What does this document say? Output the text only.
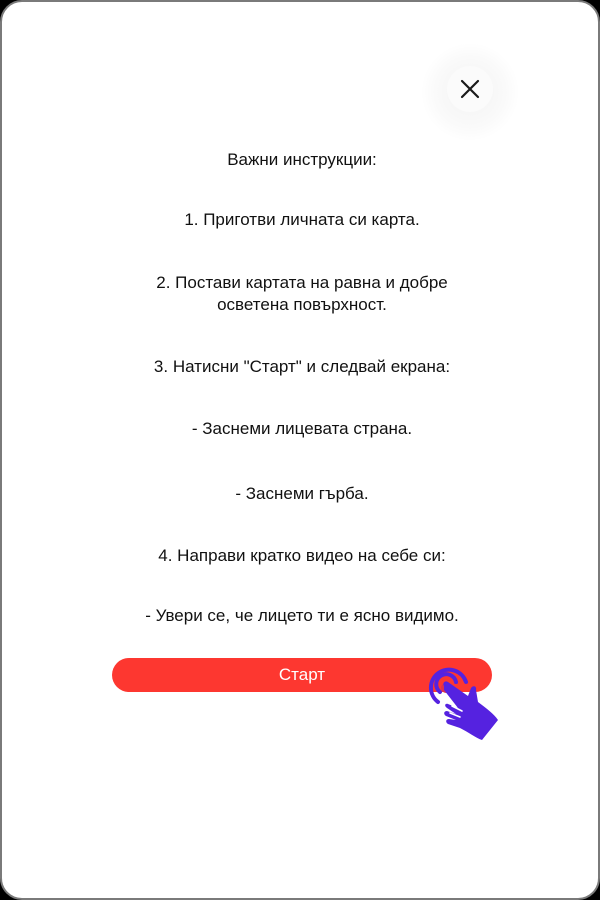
Важни инструкции:
1. Приготви личната си карта.
2. Постави картата на равна и добре
осветена повърхност.
3. Натисни "Старт" и следвай екрана:
- Заснеми лицевата страна.
- Заснеми гърба.
4. Направи кратко видео на себе си:
- Увери се, че лицето ти е ясно видимо.
Старт
